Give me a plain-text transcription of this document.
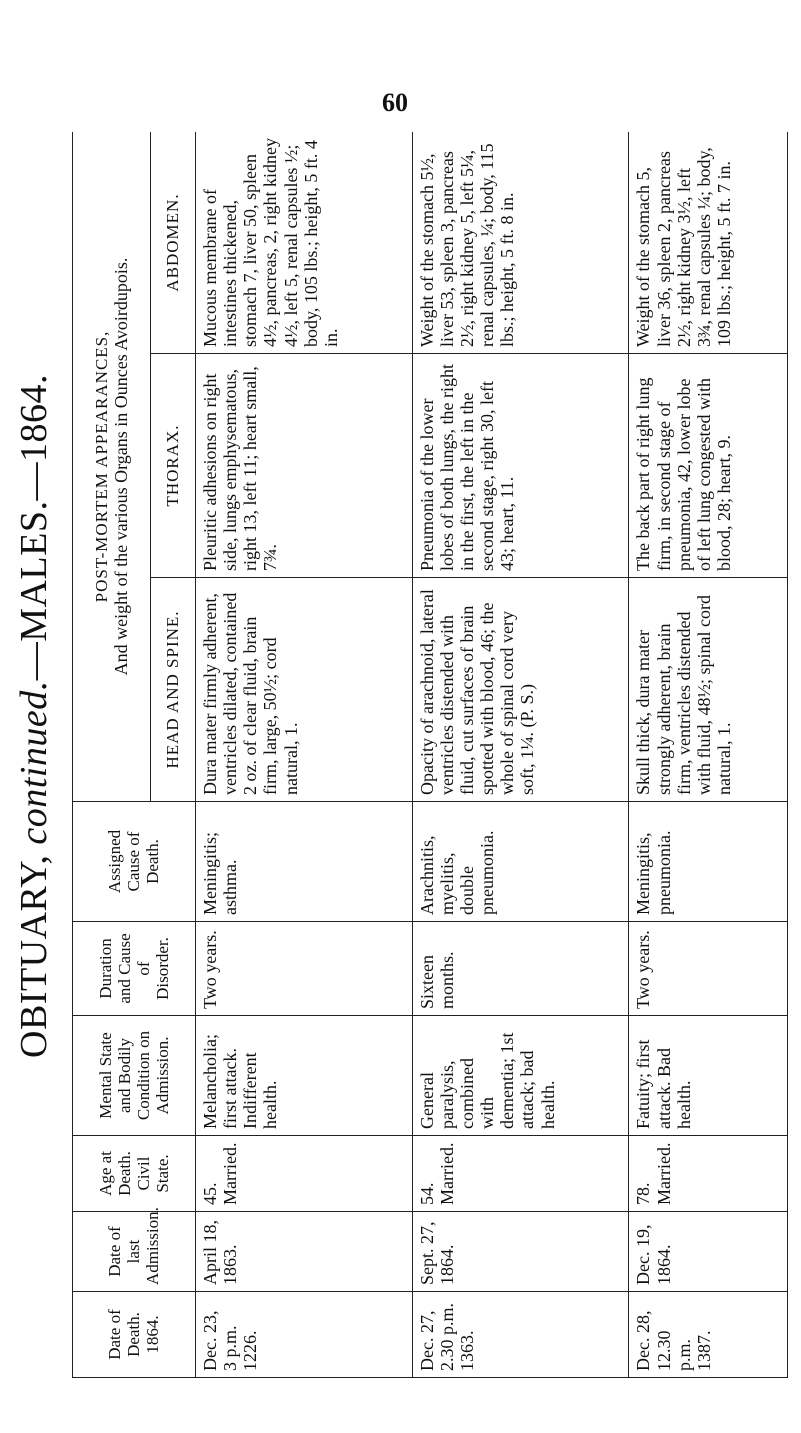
60
OBITUARY, continued.—MALES.—1864.
Date of Death. 1864.	Date of last Admission.	Age at Death. Civil State.	Mental State and Bodily Condition on Admission.	Duration and Cause of Disorder.	Assigned Cause of Death.	POST-MORTEM APPEARANCES, And weight of the various Organs in Ounces Avoirdupois.		

						HEAD AND SPINE.	THORAX.	ABDOMEN.
Dec. 23, 3 p.m. 1226.	April 18, 1863.	45. Married.	Melancholia; first attack. Indifferent health.	Two years.	Meningitis; asthma.	Dura mater firmly adherent, ventricles dilated, contained 2 oz. of clear fluid, brain firm, large, 50½; cord natural, 1.	Pleuritic adhesions on right side, lungs emphysematous, right 13, left 11; heart small, 7¾.	Mucous membrane of intestines thickened, stomach 7, liver 50, spleen 4½, pancreas, 2, right kidney 4½, left 5, renal capsules ½; body, 105 lbs.; height, 5 ft. 4 in.
Dec. 27, 2.30 p.m. 1363.	Sept. 27, 1864.	54. Married.	General paralysis, combined with dementia; 1st attack; bad health.	Sixteen months.	Arachnitis, myelitis, double pneumonia.	Opacity of arachnoid, lateral ventricles distended with fluid, cut surfaces of brain spotted with blood, 46; the whole of spinal cord very soft, 1¼. (P. S.)	Pneumonia of the lower lobes of both lungs, the right in the first, the left in the second stage, right 30, left 43; heart, 11.	Weight of the stomach 5½, liver 53, spleen 3, pancreas 2½, right kidney 5, left 5¼, renal capsules, ¼; body, 115 lbs.; height, 5 ft. 8 in.
Dec. 28, 12.30 p.m. 1387.	Dec. 19, 1864.	78. Married.	Fatuity; first attack. Bad health.	Two years.	Meningitis, pneumonia.	Skull thick, dura mater strongly adherent, brain firm, ventricles distended with fluid, 48½; spinal cord natural, 1.	The back part of right lung firm, in second stage of pneumonia, 42, lower lobe of left lung congested with blood, 28; heart, 9.	Weight of the stomach 5, liver 36, spleen 2, pancreas 2½, right kidney 3½, left 3¾, renal capsules ¼; body, 109 lbs.; height, 5 ft. 7 in.
